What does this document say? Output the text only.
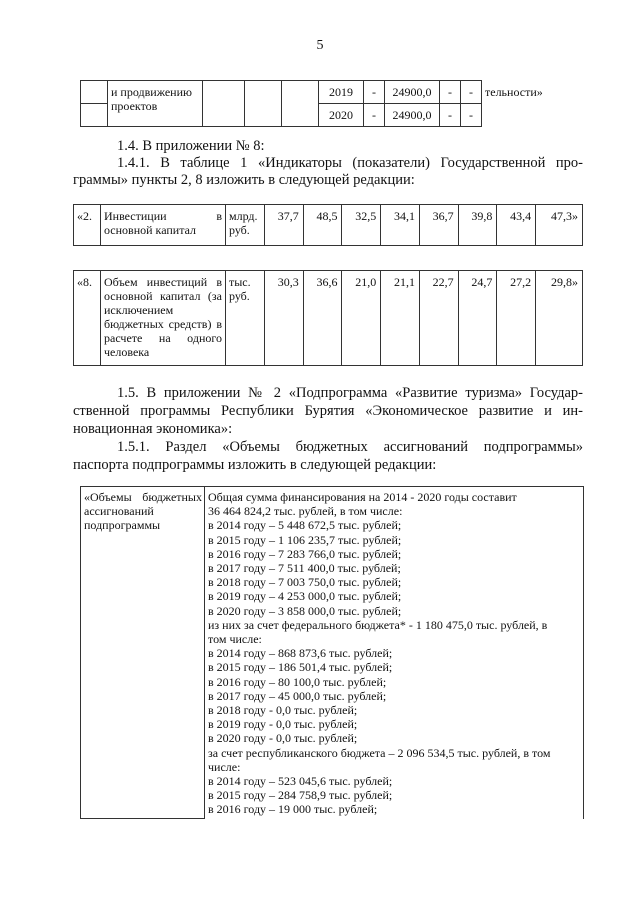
5
	и продвижению проектов				2019	-	24900,0	-	-	тельности»
					2020	-	24900,0	-	-	
1.4. В приложении № 8:
1.4.1. В таблице 1 «Индикаторы (показатели) Государственной про-
граммы» пункты 2, 8 изложить в следующей редакции:
«2.	Инвестиции в основной капитал	млрд. руб.	37,7	48,5	32,5	34,1	36,7	39,8	43,4	47,3»
«8.	Объем инвестиций в основной капитал (за исключением бюджетных средств) в расчете на одного человека	тыс. руб.	30,3	36,6	21,0	21,1	22,7	24,7	27,2	29,8»
1.5. В приложении № 2 «Подпрограмма «Развитие туризма» Государ-
ственной программы Республики Бурятия «Экономическое развитие и ин-
новационная экономика»:
1.5.1. Раздел «Объемы бюджетных ассигнований подпрограммы»
паспорта подпрограммы изложить в следующей редакции:
«Объемы бюджетных ассигнований подпрограммы	
Общая сумма финансирования на 2014 - 2020 годы составит
36 464 824,2 тыс. рублей, в том числе:
в 2014 году – 5 448 672,5 тыс. рублей;
в 2015 году – 1 106 235,7 тыс. рублей;
в 2016 году – 7 283 766,0 тыс. рублей;
в 2017 году – 7 511 400,0 тыс. рублей;
в 2018 году – 7 003 750,0 тыс. рублей;
в 2019 году – 4 253 000,0 тыс. рублей;
в 2020 году – 3 858 000,0 тыс. рублей;
из них за счет федерального бюджета* - 1 180 475,0 тыс. рублей, в
том числе:
в 2014 году – 868 873,6 тыс. рублей;
в 2015 году – 186 501,4 тыс. рублей;
в 2016 году – 80 100,0 тыс. рублей;
в 2017 году – 45 000,0 тыс. рублей;
в 2018 году - 0,0 тыс. рублей;
в 2019 году - 0,0 тыс. рублей;
в 2020 году - 0,0 тыс. рублей;
за счет республиканского бюджета – 2 096 534,5 тыс. рублей, в том
числе:
в 2014 году – 523 045,6 тыс. рублей;
в 2015 году – 284 758,9 тыс. рублей;
в 2016 году – 19 000 тыс. рублей;
